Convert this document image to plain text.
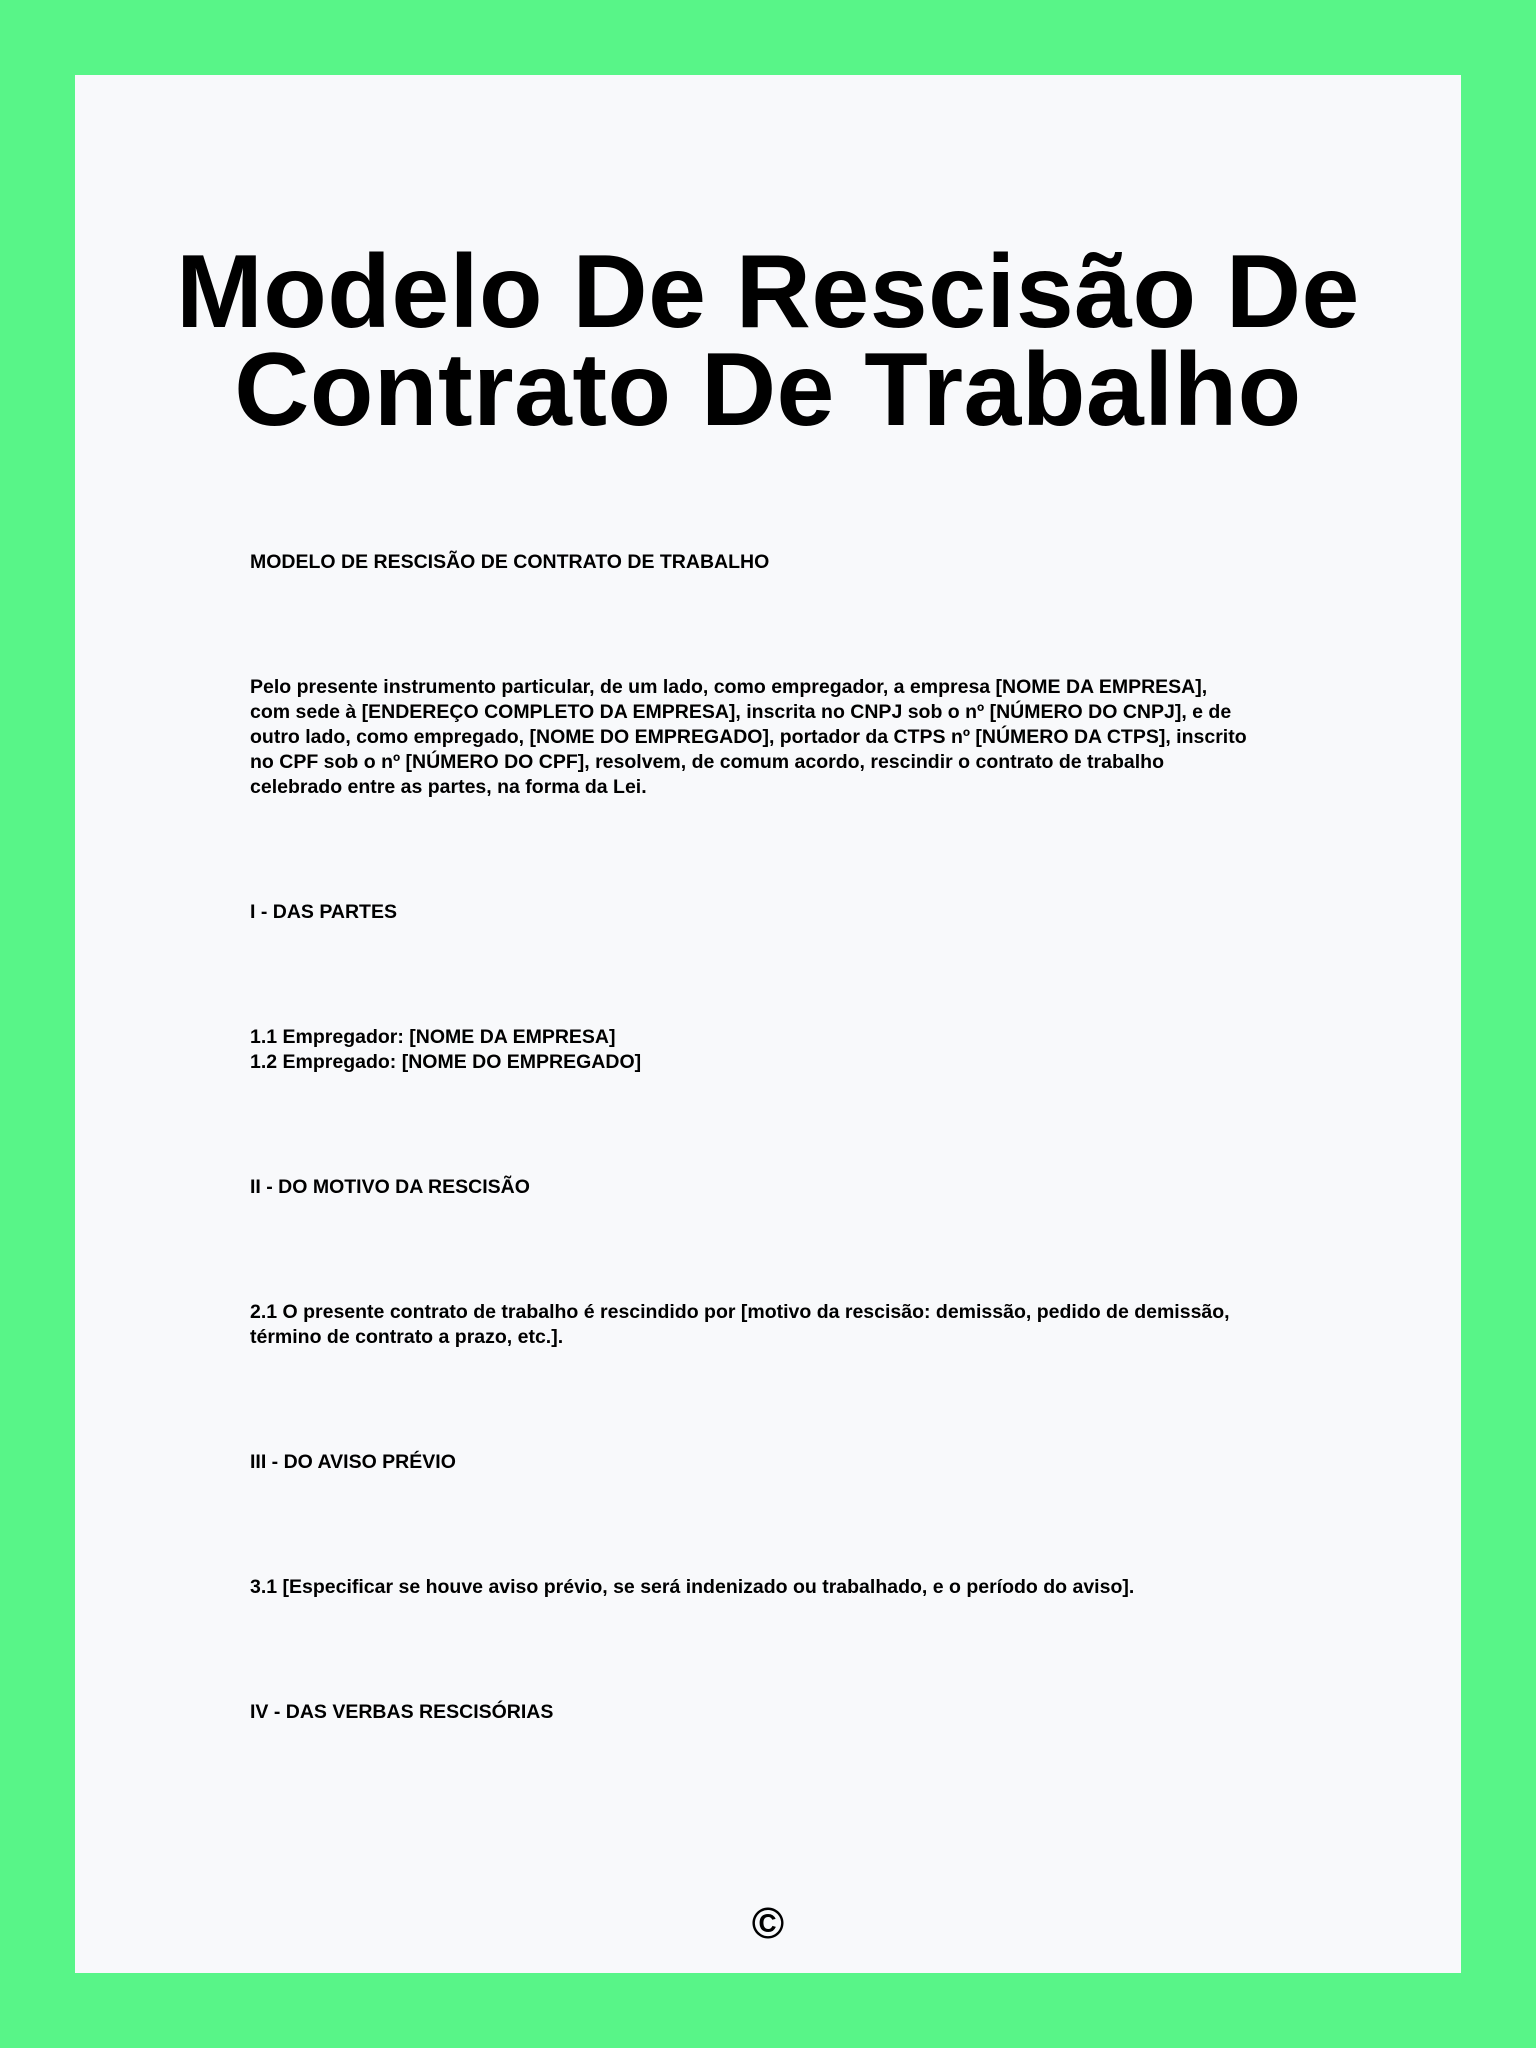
Modelo De Rescisão De
Contrato De Trabalho

MODELO DE RESCISÃO DE CONTRATO DE TRABALHO

Pelo presente instrumento particular, de um lado, como empregador, a empresa [NOME DA EMPRESA],
com sede à [ENDEREÇO COMPLETO DA EMPRESA], inscrita no CNPJ sob o nº [NÚMERO DO CNPJ], e de
outro lado, como empregado, [NOME DO EMPREGADO], portador da CTPS nº [NÚMERO DA CTPS], inscrito
no CPF sob o nº [NÚMERO DO CPF], resolvem, de comum acordo, rescindir o contrato de trabalho
celebrado entre as partes, na forma da Lei.

I - DAS PARTES

1.1 Empregador: [NOME DA EMPRESA]
1.2 Empregado: [NOME DO EMPREGADO]

II - DO MOTIVO DA RESCISÃO

2.1 O presente contrato de trabalho é rescindido por [motivo da rescisão: demissão, pedido de demissão,
término de contrato a prazo, etc.].

III - DO AVISO PRÉVIO

3.1 [Especificar se houve aviso prévio, se será indenizado ou trabalhado, e o período do aviso].

IV - DAS VERBAS RESCISÓRIAS

©
